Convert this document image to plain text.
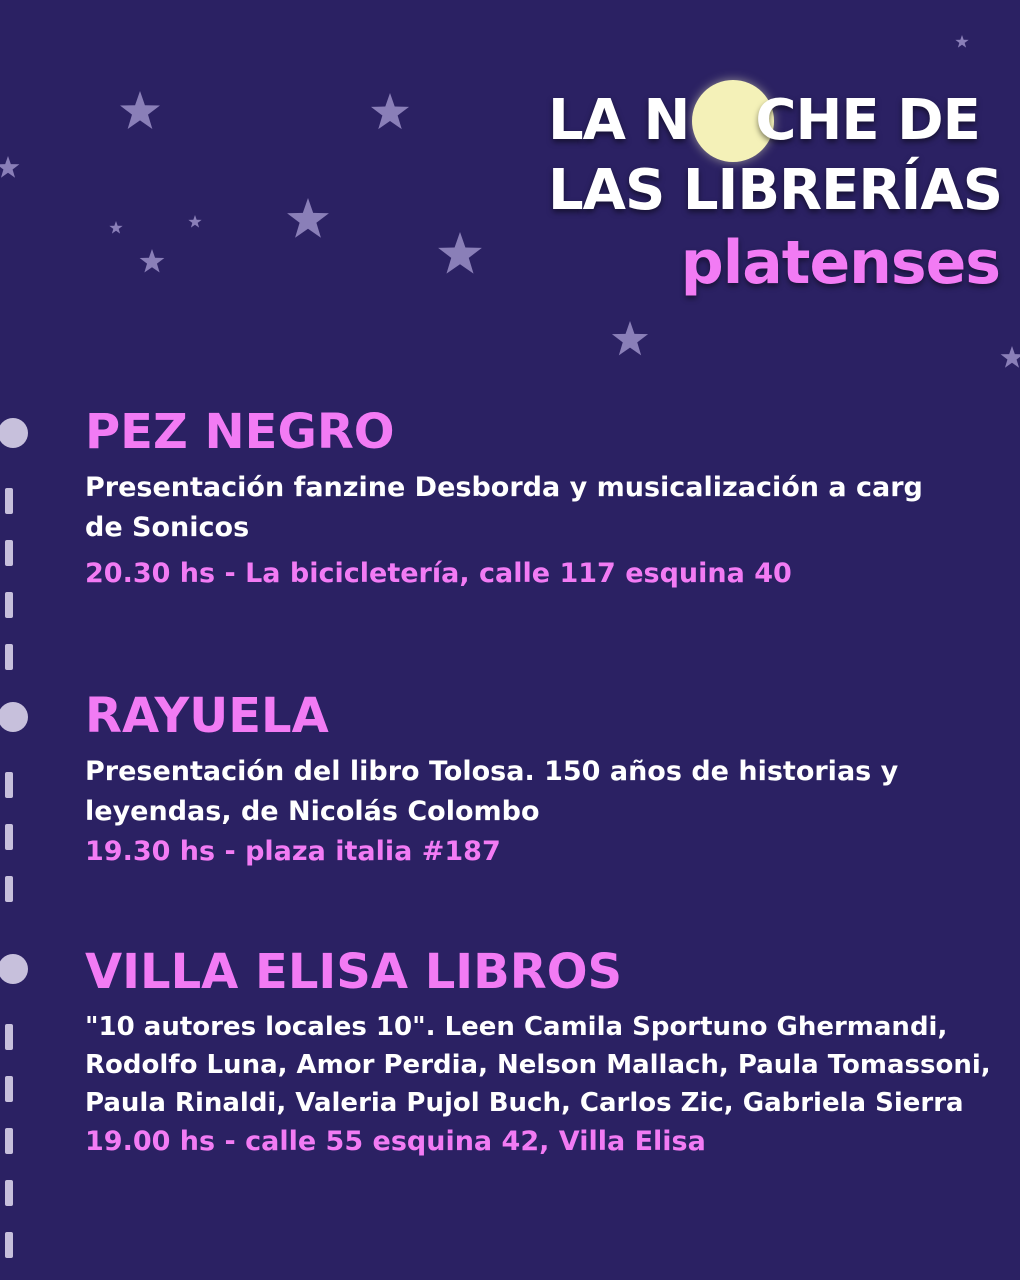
LA N CHE DE
LAS LIBRERÍAS
platenses
PEZ NEGRO

Presentación fanzine Desborda y musicalización a carg
de Sonicos

20.30 hs - La bicicletería, calle 117 esquina 40

RAYUELA

Presentación del libro Tolosa. 150 años de historias y
leyendas, de Nicolás Colombo

19.30 hs - plaza italia #187

VILLA ELISA LIBROS

"10 autores locales 10". Leen Camila Sportuno Ghermandi,
Rodolfo Luna, Amor Perdia, Nelson Mallach, Paula Tomassoni,
Paula Rinaldi, Valeria Pujol Buch, Carlos Zic, Gabriela Sierra

19.00 hs - calle 55 esquina 42, Villa Elisa
